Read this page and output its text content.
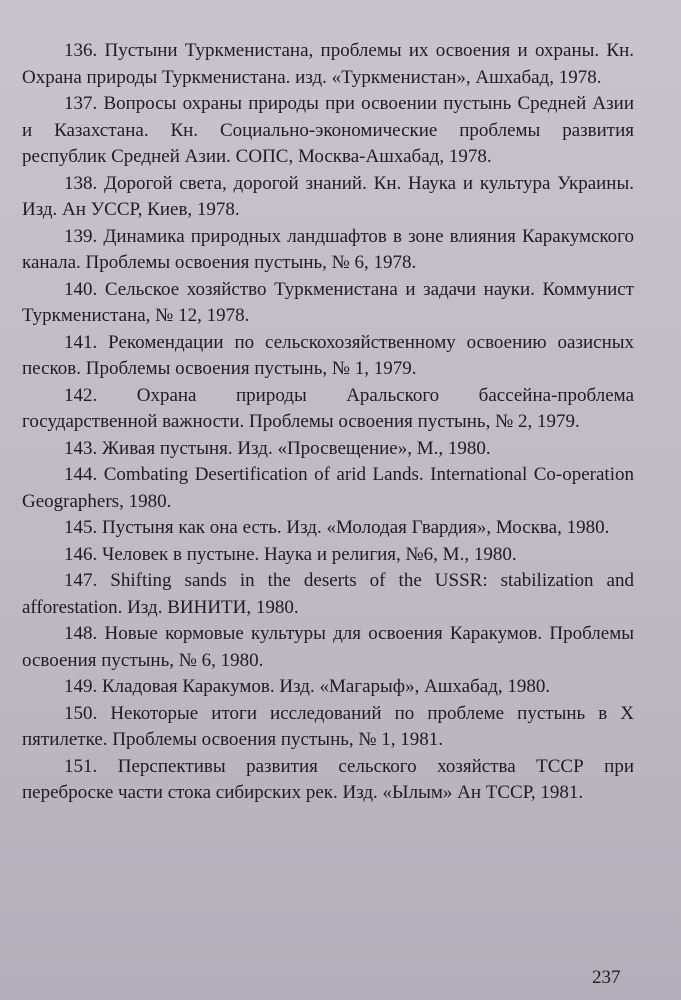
136. Пустыни Туркменистана, проблемы их освоения и охраны. Кн. Охрана природы Туркменистана. изд. «Туркменистан», Ашхабад, 1978.

137. Вопросы охраны природы при освоении пустынь Средней Азии и Казахстана. Кн. Социально-экономические проблемы развития республик Средней Азии. СОПС, Москва-Ашхабад, 1978.

138. Дорогой света, дорогой знаний. Кн. Наука и культура Украины. Изд. Ан УССР, Киев, 1978.

139. Динамика природных ландшафтов в зоне влияния Каракумского канала. Проблемы освоения пустынь, № 6, 1978.

140. Сельское хозяйство Туркменистана и задачи науки. Коммунист Туркменистана, № 12, 1978.

141. Рекомендации по сельскохозяйственному освоению оазисных песков. Проблемы освоения пустынь, № 1, 1979.

142. Охрана природы Аральского бассейна-проблема государственной важности. Проблемы освоения пустынь, № 2, 1979.

143. Живая пустыня. Изд. «Просвещение», М., 1980.

144. Combating Desertification of arid Lands. International Co-operation Geographers, 1980.

145. Пустыня как она есть. Изд. «Молодая Гвардия», Москва, 1980.

146. Человек в пустыне. Наука и религия, №6, М., 1980.

147. Shifting sands in the deserts of the USSR: stabilization and afforestation. Изд. ВИНИТИ, 1980.

148. Новые кормовые культуры для освоения Каракумов. Проблемы освоения пустынь, № 6, 1980.

149. Кладовая Каракумов. Изд. «Магарыф», Ашхабад, 1980.

150. Некоторые итоги исследований по проблеме пустынь в X пятилетке. Проблемы освоения пустынь, № 1, 1981.

151. Перспективы развития сельского хозяйства ТССР при переброске части стока сибирских рек. Изд. «Ылым» Ан ТССР, 1981.

237
